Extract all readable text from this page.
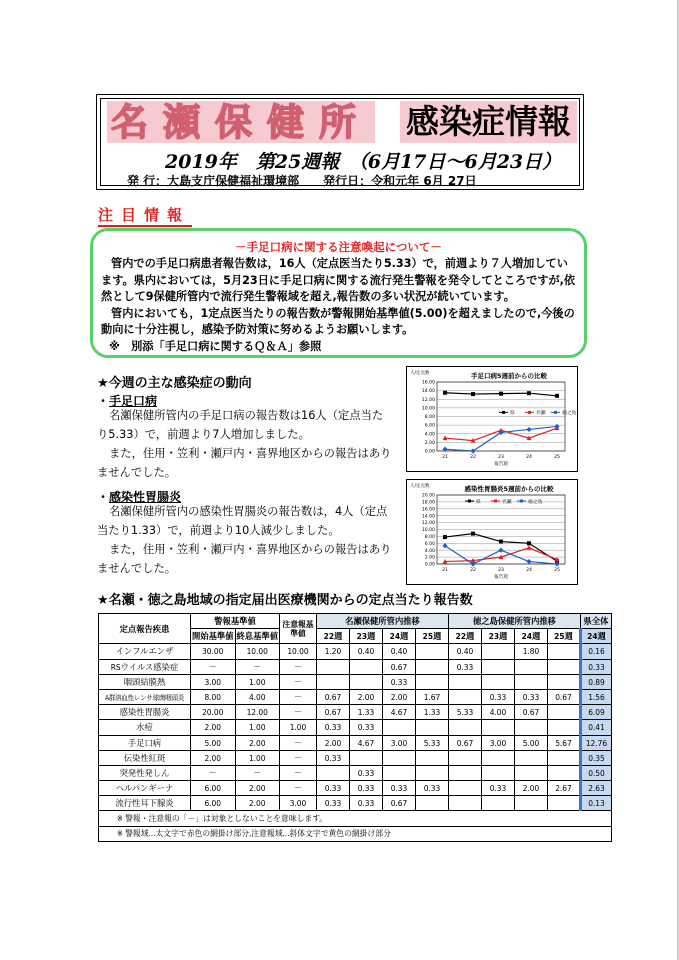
名瀬保健所 感染症情報
2019年　第25週報　（6月17日～6月23日）
発 行：大島支庁保健福祉環境部　　発行日：令和元年 6月 27日
注目情報
－手足口病に関する注意喚起について－

管内での手足口病患者報告数は，16人（定点医当たり5.33）で，前週より７人増加しています。県内においては，5月23日に手足口病に関する流行発生警報を発令してところですが,依然として9保健所管内で流行発生警報域を超え,報告数の多い状況が続いています。

管内においても，1定点医当たりの報告数が警報開始基準値(5.00)を超えましたので,今後の動向に十分注視し，感染予防対策に努めるようお願いします。

※　別添「手足口病に関するＱ＆Ａ」参照

★今週の主な感染症の動向
・手足口病

名瀬保健所管内の手足口病の報告数は16人（定点当たり5.33）で，前週より7人増加しました。

また，住用・笠利・瀬戸内・喜界地区からの報告はありませんでした。

・感染性胃腸炎

名瀬保健所管内の感染性胃腸炎の報告数は，4人（定点当たり1.33）で，前週より10人減少しました。

また，住用・笠利・瀬戸内・喜界地区からの報告はありませんでした。

手足口病5週前からの比較
人/定点数
0.00
2.00
4.00
6.00
8.00
10.00
12.00
14.00
16.00
21	22	23	24	25
報告週
県	名瀬	徳之島
感染性胃腸炎5週前からの比較
人/定点数
0.00
2.00
4.00
6.00
8.00
10.00
12.00
14.00
16.00
18.00
20.00
21	22	23	24	25
報告週
県	名瀬	徳之島
★名瀬・徳之島地域の指定届出医療機関からの定点当たり報告数
定点報告疾患	警報基準値		注意報基準値	名瀬保健所管内推移				徳之島保健所管内推移				県全体
	開始基準値	終息基準値		22週	23週	24週	25週	22週	23週	24週	25週	24週
インフルエンザ	30.00	10.00	10.00	1.20	0.40	0.40		0.40		1.80		0.16
RSウイルス感染症	－	－	－			0.67		0.33				0.33
咽頭結膜熱	3.00	1.00	－			0.33						0.89
A群溶血性レンサ球菌咽頭炎	8.00	4.00	－	0.67	2.00	2.00	1.67		0.33	0.33	0.67	1.56
感染性胃腸炎	20.00	12.00	－	0.67	1.33	4.67	1.33	5.33	4.00	0.67		6.09
水痘	2.00	1.00	1.00	0.33	0.33							0.41
手足口病	5.00	2.00	－	2.00	4.67	3.00	5.33	0.67	3.00	5.00	5.67	12.76
伝染性紅斑	2.00	1.00	－	0.33								0.35
突発性発しん	－	－	－		0.33							0.50
ヘルパンギーナ	6.00	2.00	－	0.33	0.33	0.33	0.33		0.33	2.00	2.67	2.63
流行性耳下腺炎	6.00	2.00	3.00	0.33	0.33	0.67						0.13
※ 警報・注意報の「－」は対象としないことを意味します。												
※ 警報域…太文字で赤色の網掛け部分,注意報域…斜体文字で黄色の網掛け部分												
